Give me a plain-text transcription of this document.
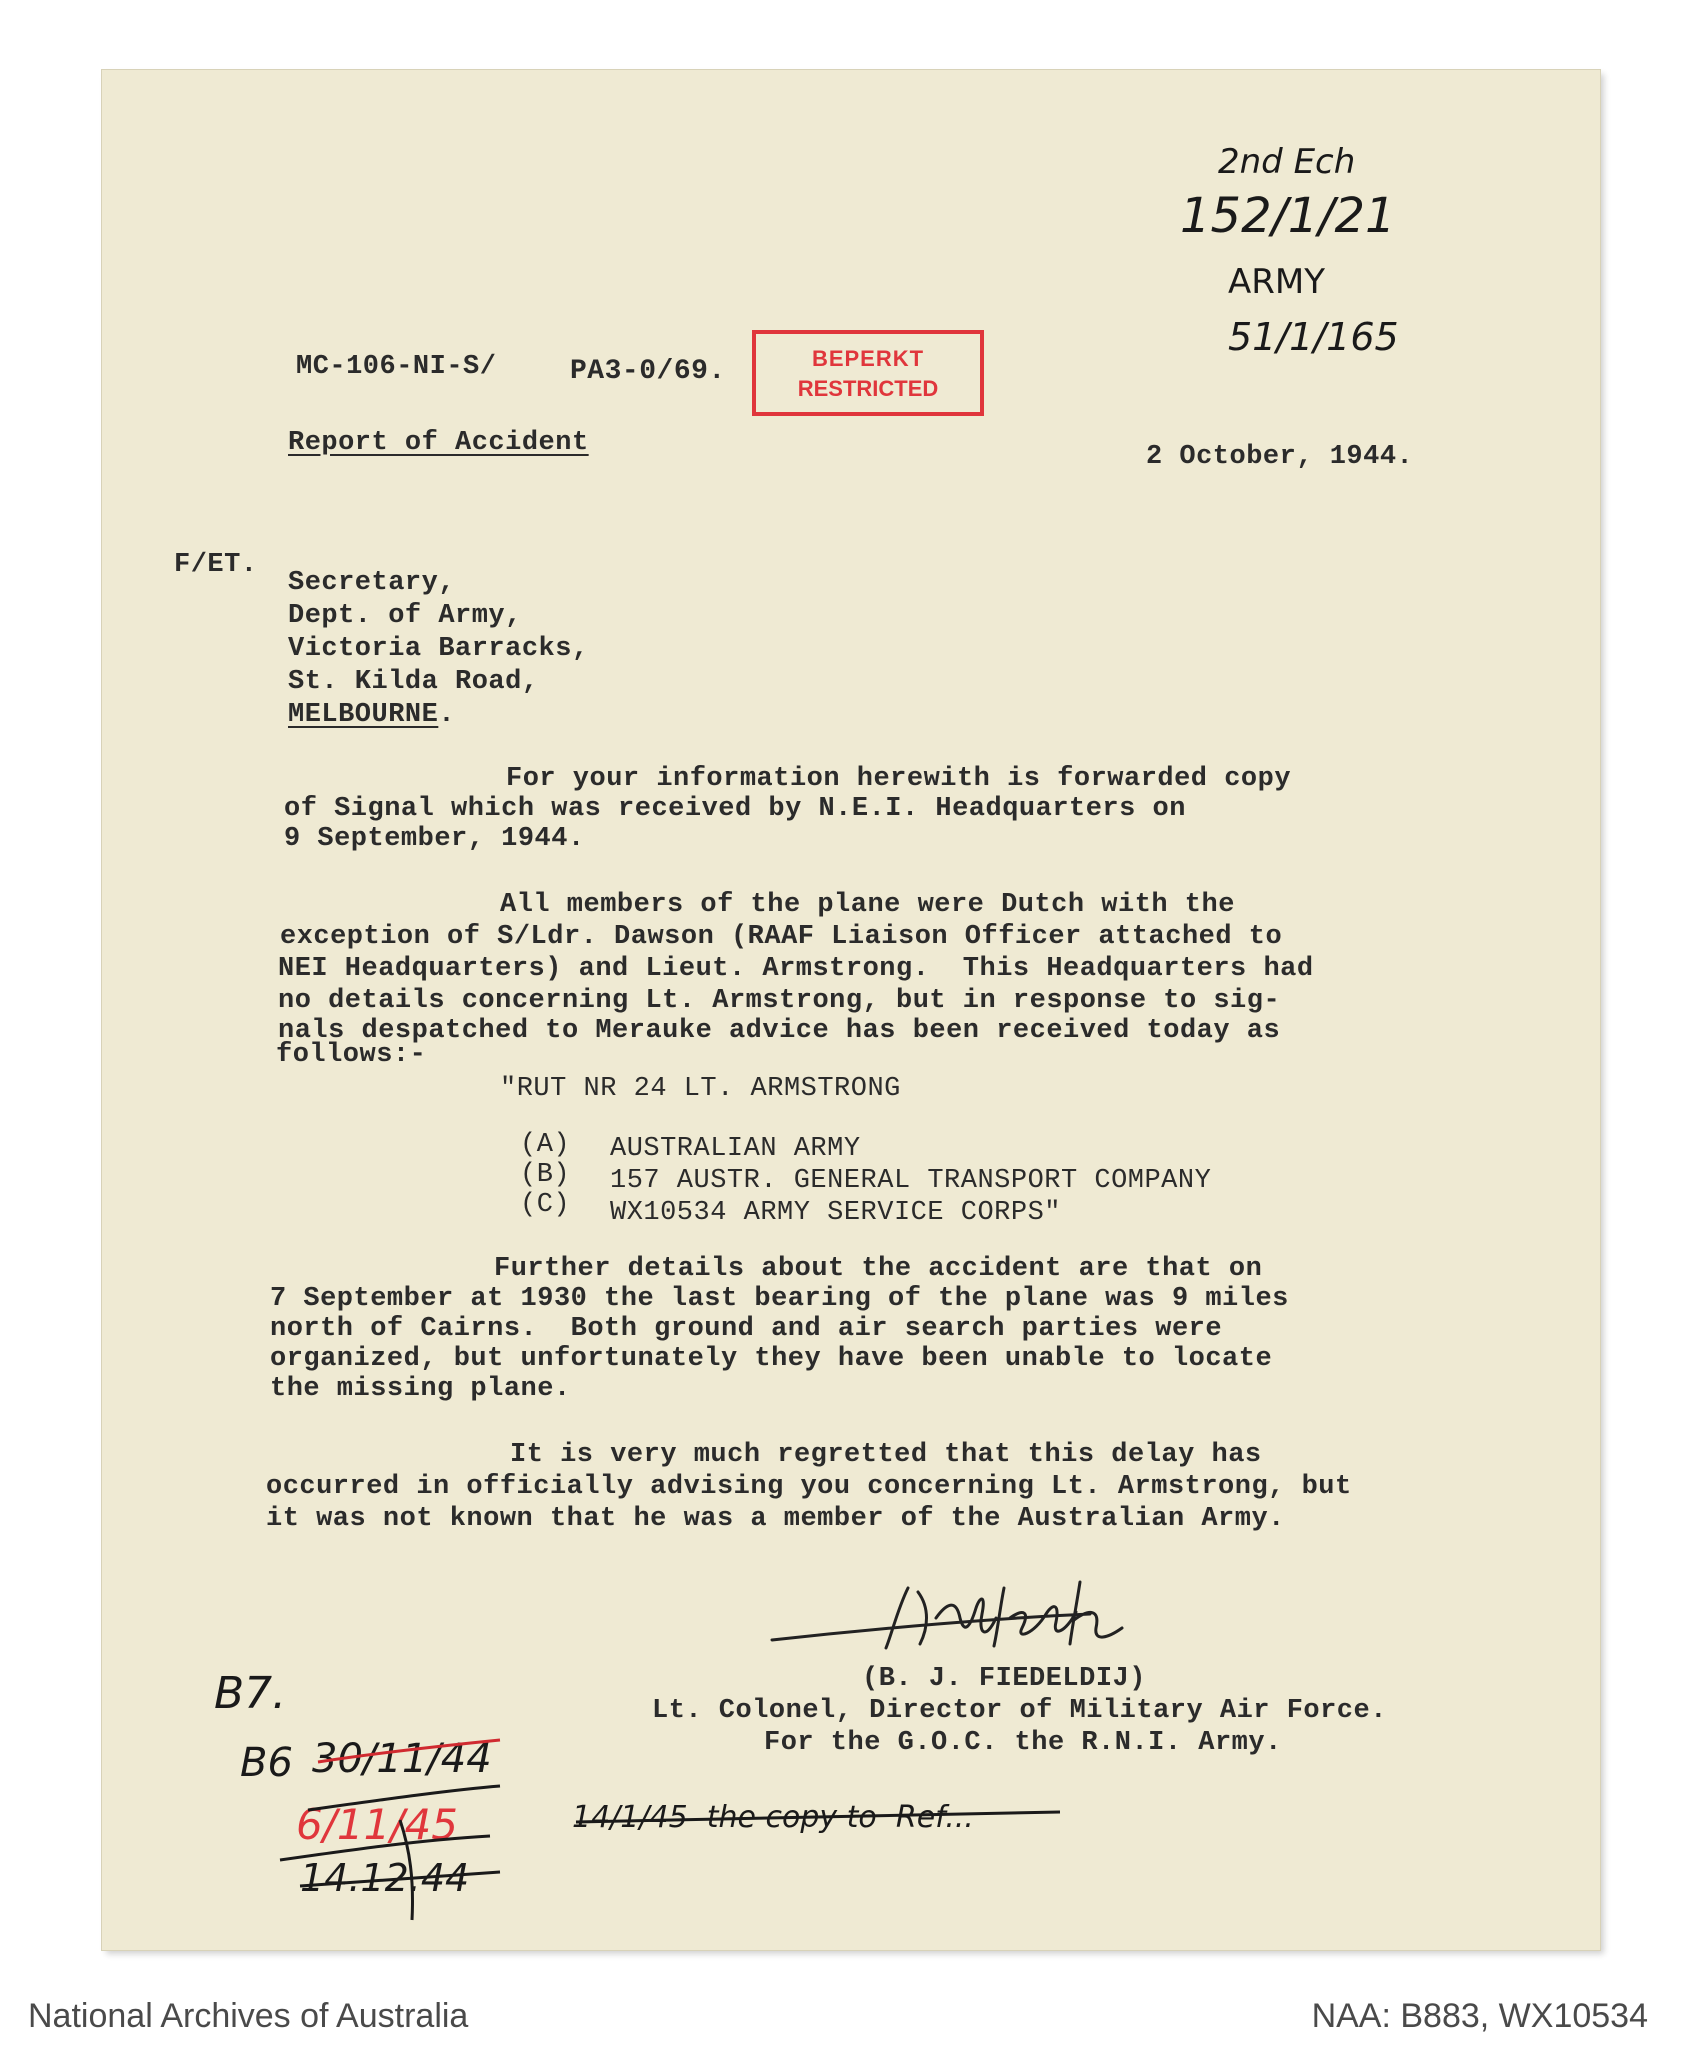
2nd Ech
152/1/21
ARMY
51/1/165
MC-106-NI-S/	PA3-0/69.	BEPERKT
RESTRICTED
Report of Accident	2 October, 1944.
F/ET.
Secretary,
Dept. of Army,
Victoria Barracks,
St. Kilda Road,
MELBOURNE.
For your information herewith is forwarded copy
of Signal which was received by N.E.I. Headquarters on
9 September, 1944.
All members of the plane were Dutch with the
exception of S/Ldr. Dawson (RAAF Liaison Officer attached to
NEI Headquarters) and Lieut. Armstrong.  This Headquarters had
no details concerning Lt. Armstrong, but in response to sig-
nals despatched to Merauke advice has been received today as
follows:-
"RUT NR 24 LT. ARMSTRONG
(A) AUSTRALIAN ARMY
(B) 157 AUSTR. GENERAL TRANSPORT COMPANY
(C) WX10534 ARMY SERVICE CORPS"
Further details about the accident are that on
7 September at 1930 the last bearing of the plane was 9 miles
north of Cairns.  Both ground and air search parties were
organized, but unfortunately they have been unable to locate
the missing plane.
It is very much regretted that this delay has
occurred in officially advising you concerning Lt. Armstrong, but
it was not known that he was a member of the Australian Army.
(B. J. FIEDELDIJ)
Lt. Colonel, Director of Military Air Force.
For the G.O.C. the R.N.I. Army.
B7.
B6 30/11/44
6/11/45
14.12.44
14/1/45  the copy to  Ref...
National Archives of Australia	NAA: B883, WX10534
